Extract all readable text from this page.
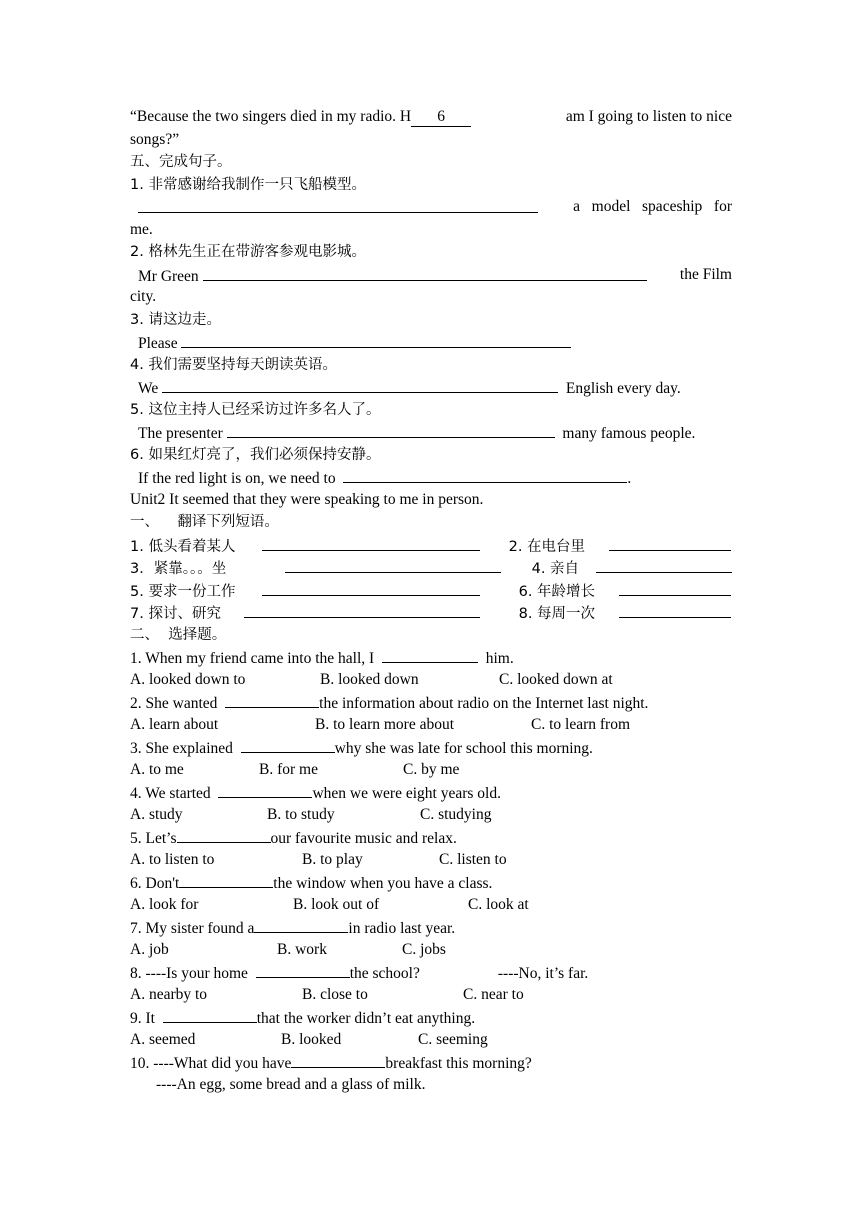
“Because the two singers died in my radio. H 6	am I going to listen to nice
songs?”
五、完成句子。
1. 非常感谢给我制作一只飞船模型。
a   model   spaceship   for
me.
2. 格林先生正在带游客参观电影城。
Mr Green	the Film
city.
3. 请这边走。
Please
4. 我们需要坚持每天朗读英语。
We	English every day.
5. 这位主持人已经采访过许多名人了。
The presenter	many famous people.
6. 如果红灯亮了，我们必须保持安静。
If the red light is on, we need to	.
Unit2 It seemed that they were speaking to me in person.
一、    翻译下列短语。
1. 低头看着某人	2. 在电台里
3．紧靠。。。坐	4. 亲自
5. 要求一份工作	6. 年龄增长
7. 探讨、研究	8. 每周一次
二、  选择题。
1. When my friend came into the hall, I	him.
A. looked down to	B. looked down	C. looked down at
2. She wanted	the information about radio on the Internet last night.
A. learn about	B. to learn more about	C. to learn from
3. She explained	why she was late for school this morning.
A. to me	B. for me	C. by me
4. We started	when we were eight years old.
A. study	B. to study	C. studying
5. Let’s	our favourite music and relax.
A. to listen to	B. to play	C. listen to
6. Don't	the window when you have a class.
A. look for	B. look out of	C. look at
7. My sister found a	in radio last year.
A. job	B. work	C. jobs
8. ----Is your home	the school?	----No, it’s far.
A. nearby to	B. close to	C. near to
9. It	that the worker didn’t eat anything.
A. seemed	B. looked	C. seeming
10. ----What did you have	breakfast this morning?
----An egg, some bread and a glass of milk.
